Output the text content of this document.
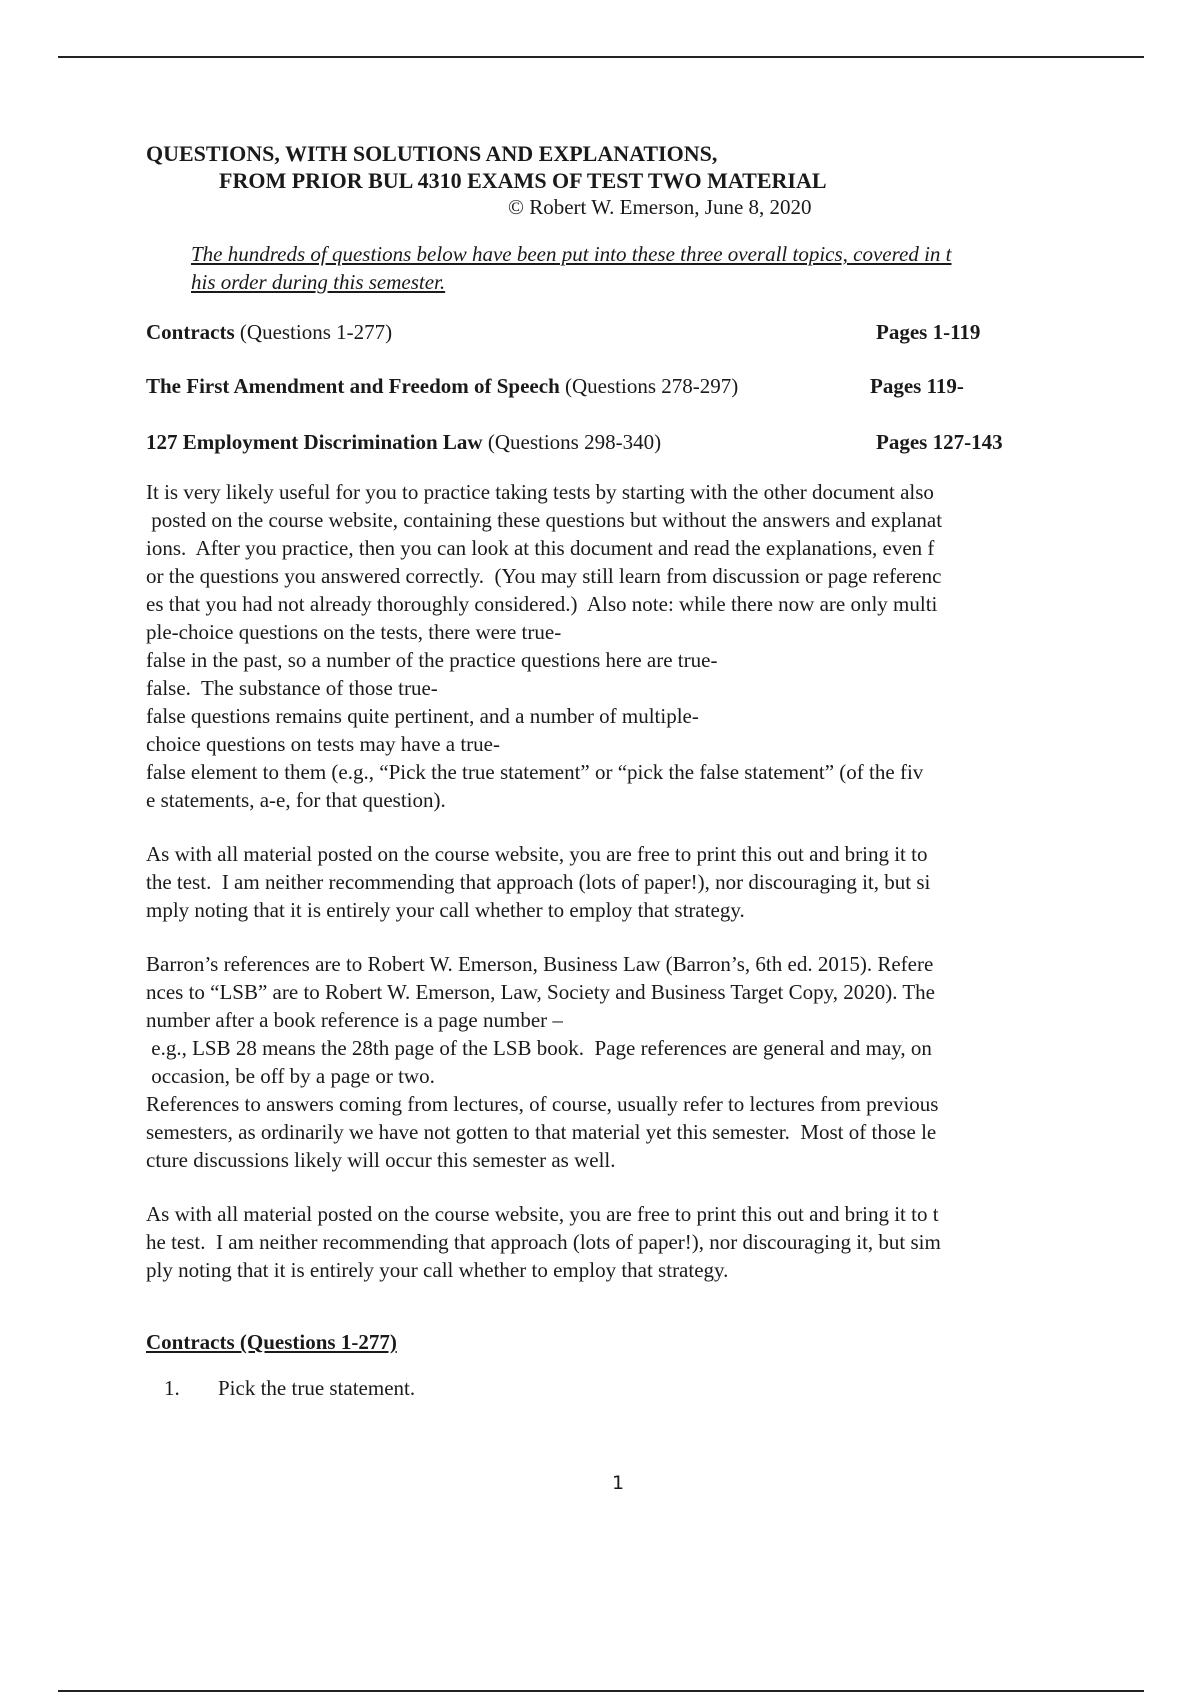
QUESTIONS, WITH SOLUTIONS AND EXPLANATIONS,
FROM PRIOR BUL 4310 EXAMS OF TEST TWO MATERIAL
© Robert W. Emerson, June 8, 2020
The hundreds of questions below have been put into these three overall topics, covered in t
his order during this semester.
Contracts (Questions 1-277)	Pages 1-119
The First Amendment and Freedom of Speech (Questions 278-297)	Pages 119-
127 Employment Discrimination Law (Questions 298-340)	Pages 127-143
It is very likely useful for you to practice taking tests by starting with the other document also
posted on the course website, containing these questions but without the answers and explanat
ions.  After you practice, then you can look at this document and read the explanations, even f
or the questions you answered correctly.  (You may still learn from discussion or page referenc
es that you had not already thoroughly considered.)  Also note: while there now are only multi
ple-choice questions on the tests, there were true-
false in the past, so a number of the practice questions here are true-
false.  The substance of those true-
false questions remains quite pertinent, and a number of multiple-
choice questions on tests may have a true-
false element to them (e.g., “Pick the true statement” or “pick the false statement” (of the fiv
e statements, a-e, for that question).
As with all material posted on the course website, you are free to print this out and bring it to
the test.  I am neither recommending that approach (lots of paper!), nor discouraging it, but si
mply noting that it is entirely your call whether to employ that strategy.
Barron’s references are to Robert W. Emerson, Business Law (Barron’s, 6th ed. 2015). Refere
nces to “LSB” are to Robert W. Emerson, Law, Society and Business Target Copy, 2020). The
number after a book reference is a page number –
e.g., LSB 28 means the 28th page of the LSB book.  Page references are general and may, on
occasion, be off by a page or two.
References to answers coming from lectures, of course, usually refer to lectures from previous
semesters, as ordinarily we have not gotten to that material yet this semester.  Most of those le
cture discussions likely will occur this semester as well.
As with all material posted on the course website, you are free to print this out and bring it to t
he test.  I am neither recommending that approach (lots of paper!), nor discouraging it, but sim
ply noting that it is entirely your call whether to employ that strategy.
Contracts (Questions 1-277)
1. Pick the true statement.
1
